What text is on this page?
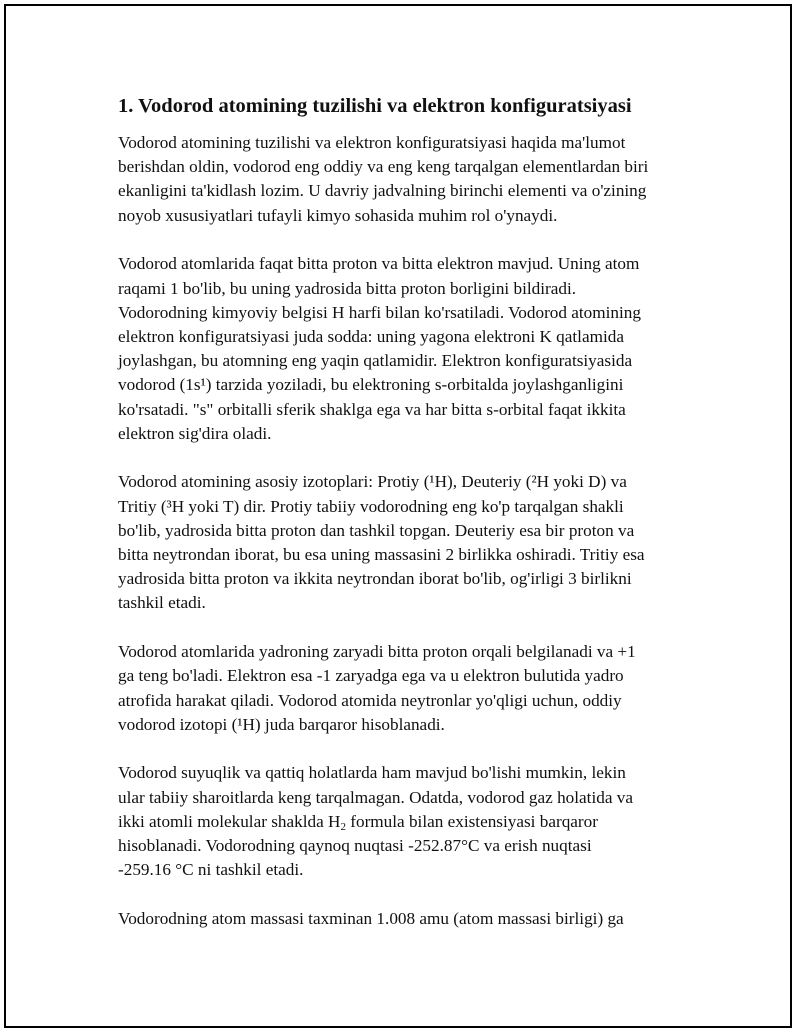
1. Vodorod atomining tuzilishi va elektron konfiguratsiyasi
Vodorod atomining tuzilishi va elektron konfiguratsiyasi haqida ma'lumot
berishdan oldin, vodorod eng oddiy va eng keng tarqalgan elementlardan biri
ekanligini ta'kidlash lozim. U davriy jadvalning birinchi elementi va o'zining
noyob xususiyatlari tufayli kimyo sohasida muhim rol o'ynaydi.
Vodorod atomlarida faqat bitta proton va bitta elektron mavjud. Uning atom
raqami 1 bo'lib, bu uning yadrosida bitta proton borligini bildiradi.
Vodorodning kimyoviy belgisi H harfi bilan ko'rsatiladi. Vodorod atomining
elektron konfiguratsiyasi juda sodda: uning yagona elektroni K qatlamida
joylashgan, bu atomning eng yaqin qatlamidir. Elektron konfiguratsiyasida
vodorod (1s¹) tarzida yoziladi, bu elektroning s-orbitalda joylashganligini
ko'rsatadi. "s" orbitalli sferik shaklga ega va har bitta s-orbital faqat ikkita
elektron sig'dira oladi.
Vodorod atomining asosiy izotoplari: Protiy (¹H), Deuteriy (²H yoki D) va
Tritiy (³H yoki T) dir. Protiy tabiiy vodorodning eng ko'p tarqalgan shakli
bo'lib, yadrosida bitta proton dan tashkil topgan. Deuteriy esa bir proton va
bitta neytrondan iborat, bu esa uning massasini 2 birlikka oshiradi. Tritiy esa
yadrosida bitta proton va ikkita neytrondan iborat bo'lib, og'irligi 3 birlikni
tashkil etadi.
Vodorod atomlarida yadroning zaryadi bitta proton orqali belgilanadi va +1
ga teng bo'ladi. Elektron esa -1 zaryadga ega va u elektron bulutida yadro
atrofida harakat qiladi. Vodorod atomida neytronlar yo'qligi uchun, oddiy
vodorod izotopi (¹H) juda barqaror hisoblanadi.
Vodorod suyuqlik va qattiq holatlarda ham mavjud bo'lishi mumkin, lekin
ular tabiiy sharoitlarda keng tarqalmagan. Odatda, vodorod gaz holatida va
ikki atomli molekular shaklda $H_2$ formula bilan existensiyasi barqaror
hisoblanadi. Vodorodning qaynoq nuqtasi -252.87°C va erish nuqtasi
-259.16 °C ni tashkil etadi.
Vodorodning atom massasi taxminan 1.008 amu (atom massasi birligi) ga
